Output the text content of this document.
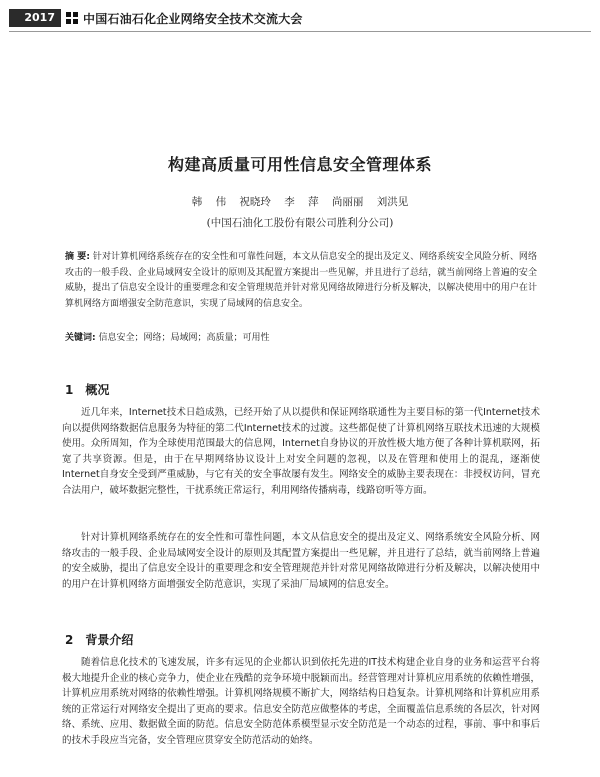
2017	中国石油石化企业网络安全技术交流大会
构建高质量可用性信息安全管理体系
韩 伟 祝晓玲 李 萍 尚丽丽 刘洪见
(中国石油化工股份有限公司胜利分公司)
摘 要: 针对计算机网络系统存在的安全性和可靠性问题，本文从信息安全的提出及定义、网络系统安全风险分析、网络攻击的一般手段、企业局域网安全设计的原则及其配置方案提出一些见解，并且进行了总结，就当前网络上普遍的安全威胁，提出了信息安全设计的重要理念和安全管理规范并针对常见网络故障进行分析及解决，以解决使用中的用户在计算机网络方面增强安全防范意识，实现了局域网的信息安全。
关键词: 信息安全；网络；局域网；高质量；可用性
1 概况

近几年来，Internet技术日趋成熟，已经开始了从以提供和保证网络联通性为主要目标的第一代Internet技术向以提供网络数据信息服务为特征的第二代Internet技术的过渡。这些都促使了计算机网络互联技术迅速的大规模使用。众所周知，作为全球使用范围最大的信息网，Internet自身协议的开放性极大地方便了各种计算机联网，拓宽了共享资源。但是，由于在早期网络协议设计上对安全问题的忽视，以及在管理和使用上的混乱，逐渐使Internet自身安全受到严重威胁，与它有关的安全事故屡有发生。网络安全的威胁主要表现在：非授权访问，冒充合法用户，破坏数据完整性，干扰系统正常运行，利用网络传播病毒，线路窃听等方面。

针对计算机网络系统存在的安全性和可靠性问题，本文从信息安全的提出及定义、网络系统安全风险分析、网络攻击的一般手段、企业局域网安全设计的原则及其配置方案提出一些见解，并且进行了总结，就当前网络上普遍的安全威胁，提出了信息安全设计的重要理念和安全管理规范并针对常见网络故障进行分析及解决，以解决使用中的用户在计算机网络方面增强安全防范意识，实现了采油厂局域网的信息安全。

2 背景介绍

随着信息化技术的飞速发展，许多有远见的企业都认识到依托先进的IT技术构建企业自身的业务和运营平台将极大地提升企业的核心竞争力，使企业在残酷的竞争环境中脱颖而出。经营管理对计算机应用系统的依赖性增强，计算机应用系统对网络的依赖性增强。计算机网络规模不断扩大，网络结构日趋复杂。计算机网络和计算机应用系统的正常运行对网络安全提出了更高的要求。信息安全防范应做整体的考虑，全面覆盖信息系统的各层次，针对网络、系统、应用、数据做全面的防范。信息安全防范体系模型显示安全防范是一个动态的过程，事前、事中和事后的技术手段应当完备，安全管理应贯穿安全防范活动的始终。
